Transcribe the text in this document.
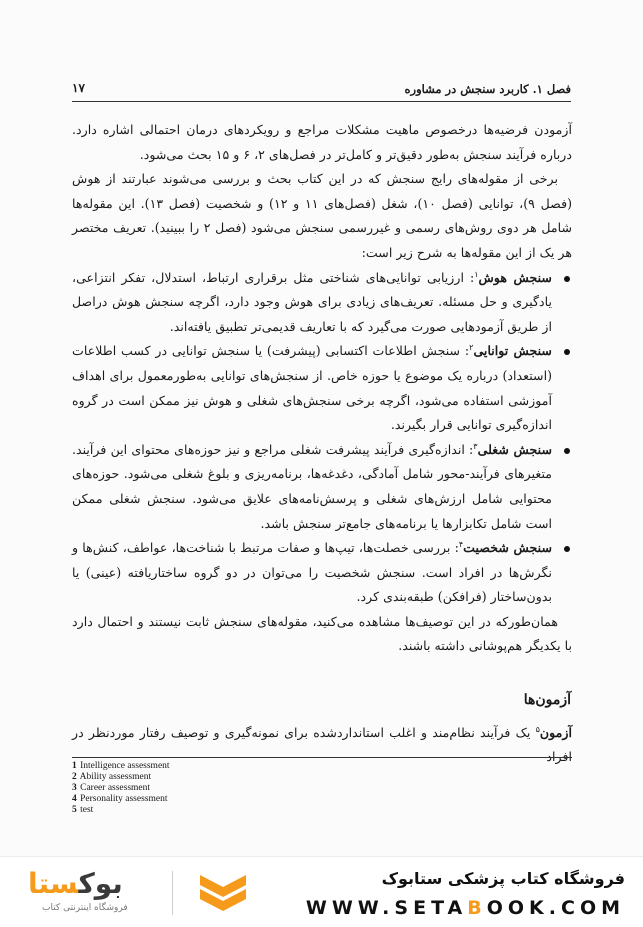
فصل ۱. کاربرد سنجش در مشاوره
۱۷

آزمودن فرضیه‌ها درخصوص ماهیت مشکلات مراجع و رویکردهای درمان احتمالی اشاره دارد. درباره فرآیند سنجش به‌طور دقیق‌تر و کامل‌تر در فصل‌های ۲، ۶ و ۱۵ بحث می‌شود.

برخی از مقوله‌های رایج سنجش که در این کتاب بحث و بررسی می‌شوند عبارتند از هوش (فصل ۹)، توانایی (فصل ۱۰)، شغل (فصل‌های ۱۱ و ۱۲) و شخصیت (فصل ۱۳). این مقوله‌ها شامل هر دوی روش‌های رسمی و غیررسمی سنجش می‌شود (فصل ۲ را ببینید). تعریف مختصر هر یک از این مقوله‌ها به شرح زیر است:

سنجش هوش$^۱$: ارزیابی توانایی‌های شناختی مثل برقراری ارتباط، استدلال، تفکر انتزاعی، یادگیری و حل مسئله. تعریف‌های زیادی برای هوش وجود دارد، اگرچه سنجش هوش دراصل از طریق آزمودهایی صورت می‌گیرد که با تعاریف قدیمی‌تر تطبیق یافته‌اند.
سنجش توانایی$^۲$: سنجش اطلاعات اکتسابی (پیشرفت) یا سنجش توانایی در کسب اطلاعات (استعداد) درباره یک موضوع یا حوزه خاص. از سنجش‌های توانایی به‌طورمعمول برای اهداف آموزشی استفاده می‌شود، اگرچه برخی سنجش‌های شغلی و هوش نیز ممکن است در گروه اندازه‌گیری توانایی قرار بگیرند.
سنجش شغلی$^۳$: اندازه‌گیری فرآیند پیشرفت شغلی مراجع و نیز حوزه‌های محتوای این فرآیند. متغیرهای فرآیند-محور شامل آمادگی، دغدغه‌ها، برنامه‌ریزی و بلوغ شغلی می‌شود. حوزه‌های محتوایی شامل ارزش‌های شغلی و پرسش‌نامه‌های علایق می‌شود. سنجش شغلی ممکن است شامل تکابزارها یا برنامه‌های جامع‌تر سنجش باشد.
سنجش شخصیت$^۴$: بررسی خصلت‌ها، تیپ‌ها و صفات مرتبط با شناخت‌ها، عواطف، کنش‌ها و نگرش‌ها در افراد است. سنجش شخصیت را می‌توان در دو گروه ساختاریافته (عینی) یا بدون‌ساختار (فرافکن) طبقه‌بندی کرد.

همان‌طورکه در این توصیف‌ها مشاهده می‌کنید، مقوله‌های سنجش ثابت نیستند و احتمال دارد با یکدیگر هم‌پوشانی داشته باشند.

آزمون‌ها
آزمون$^۵$ یک فرآیند نظام‌مند و اغلب استانداردشده برای نمونه‌گیری و توصیف رفتار موردنظر در افراد
1 Intelligence assessment
2 Ability assessment
3 Career assessment
4 Personality assessment
5 test
بوکستا
فروشگاه اینترنتی کتاب
فروشگاه کتاب پزشکی ستابوک
WWW.SETABOOK.COM
